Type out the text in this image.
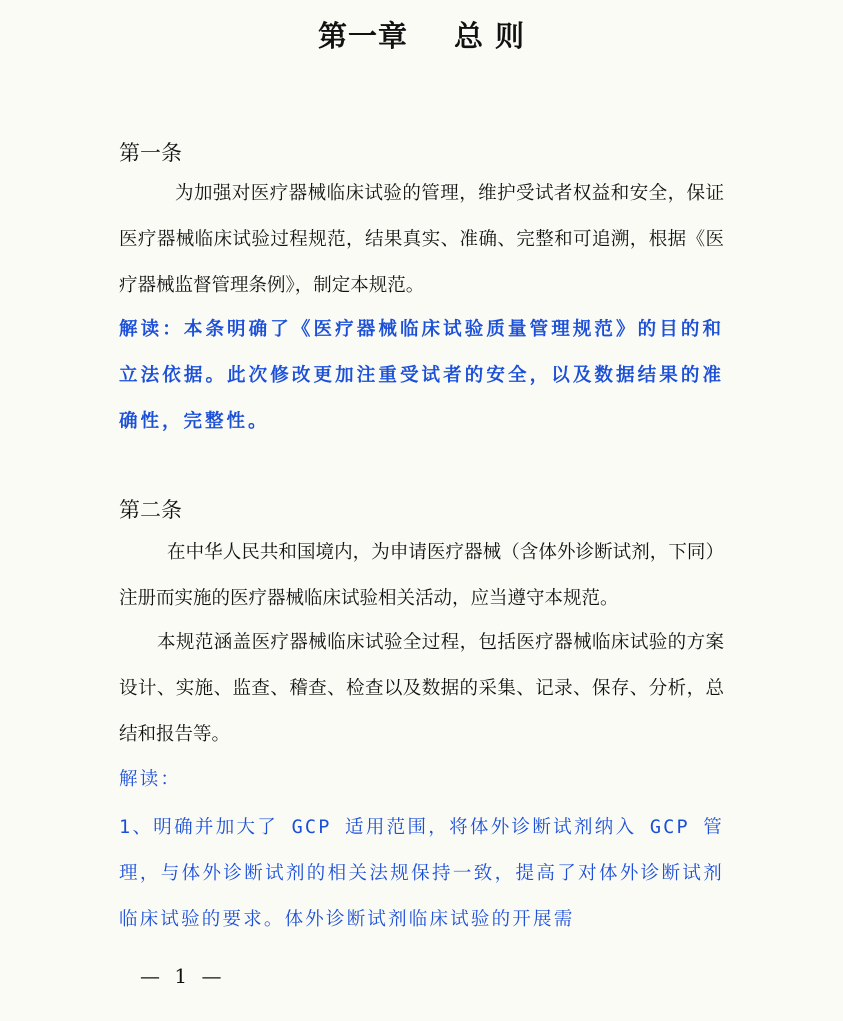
第一章 总 则
第一条

为加强对医疗器械临床试验的管理，维护受试者权益和安全，保证医疗器械临床试验过程规范，结果真实、准确、完整和可追溯，根据《医疗器械监督管理条例》，制定本规范。

解读：本条明确了《医疗器械临床试验质量管理规范》的目的和立法依据。此次修改更加注重受试者的安全，以及数据结果的准确性，完整性。

第二条

在中华人民共和国境内，为申请医疗器械（含体外诊断试剂，下同）注册而实施的医疗器械临床试验相关活动，应当遵守本规范。

本规范涵盖医疗器械临床试验全过程，包括医疗器械临床试验的方案设计、实施、监查、稽查、检查以及数据的采集、记录、保存、分析，总结和报告等。

解读：

1、明确并加大了 GCP 适用范围，将体外诊断试剂纳入 GCP 管理，与体外诊断试剂的相关法规保持一致，提高了对体外诊断试剂临床试验的要求。体外诊断试剂临床试验的开展需

— 1 —
